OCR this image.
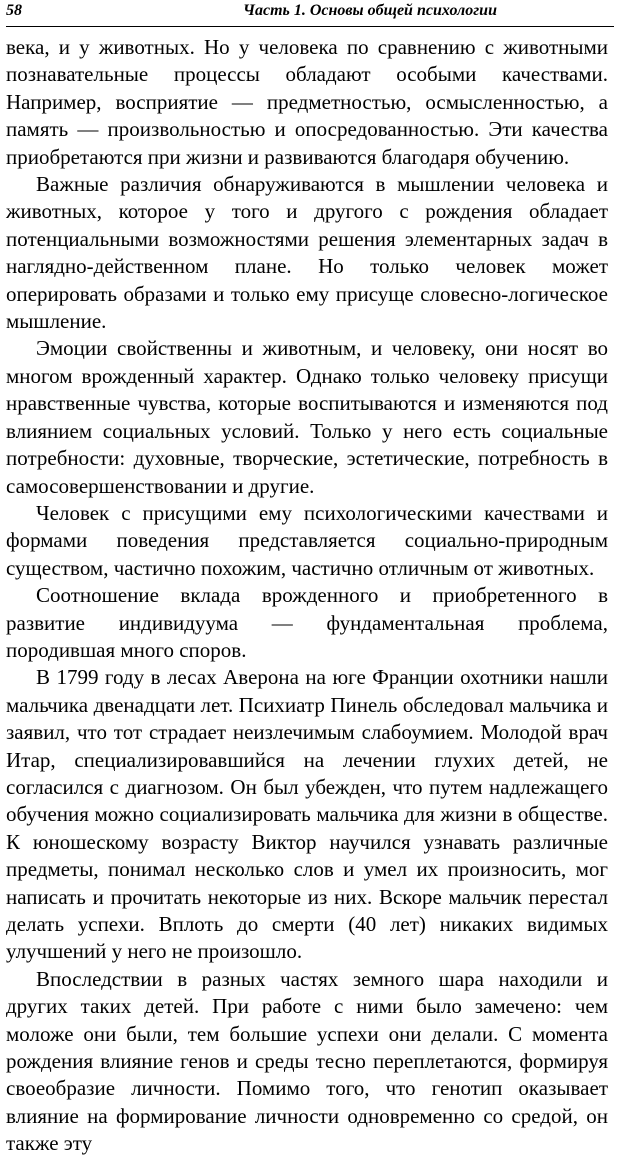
58	Часть 1. Основы общей психологии

века, и у животных. Но у человека по сравнению с животными познавательные процессы обладают особыми качествами. Например, восприятие — предметностью, осмысленностью, а память — произвольностью и опосредованностью. Эти качества приобретаются при жизни и развиваются благодаря обучению.

Важные различия обнаруживаются в мышлении человека и животных, которое у того и другого с рождения обладает потенциальными возможностями решения элементарных задач в наглядно-действенном плане. Но только человек может оперировать образами и только ему присуще словесно-логическое мышление.

Эмоции свойственны и животным, и человеку, они носят во многом врожденный характер. Однако только человеку присущи нравственные чувства, которые воспитываются и изменяются под влиянием социальных условий. Только у него есть социальные потребности: духовные, творческие, эстетические, потребность в самосовершенствовании и другие.

Человек с присущими ему психологическими качествами и формами поведения представляется социально-природным существом, частично похожим, частично отличным от животных.

Соотношение вклада врожденного и приобретенного в развитие индивидуума — фундаментальная проблема, породившая много споров.

В 1799 году в лесах Аверона на юге Франции охотники нашли мальчика двенадцати лет. Психиатр Пинель обследовал мальчика и заявил, что тот страдает неизлечимым слабоумием. Молодой врач Итар, специализировавшийся на лечении глухих детей, не согласился с диагнозом. Он был убежден, что путем надлежащего обучения можно социализировать мальчика для жизни в обществе. К юношескому возрасту Виктор научился узнавать различные предметы, понимал несколько слов и умел их произносить, мог написать и прочитать некоторые из них. Вскоре мальчик перестал делать успехи. Вплоть до смерти (40 лет) никаких видимых улучшений у него не произошло.

Впоследствии в разных частях земного шара находили и других таких детей. При работе с ними было замечено: чем моложе они были, тем большие успехи они делали. С момента рождения влияние генов и среды тесно переплетаются, формируя своеобразие личности. Помимо того, что генотип оказывает влияние на формирование личности одновременно со средой, он также эту
